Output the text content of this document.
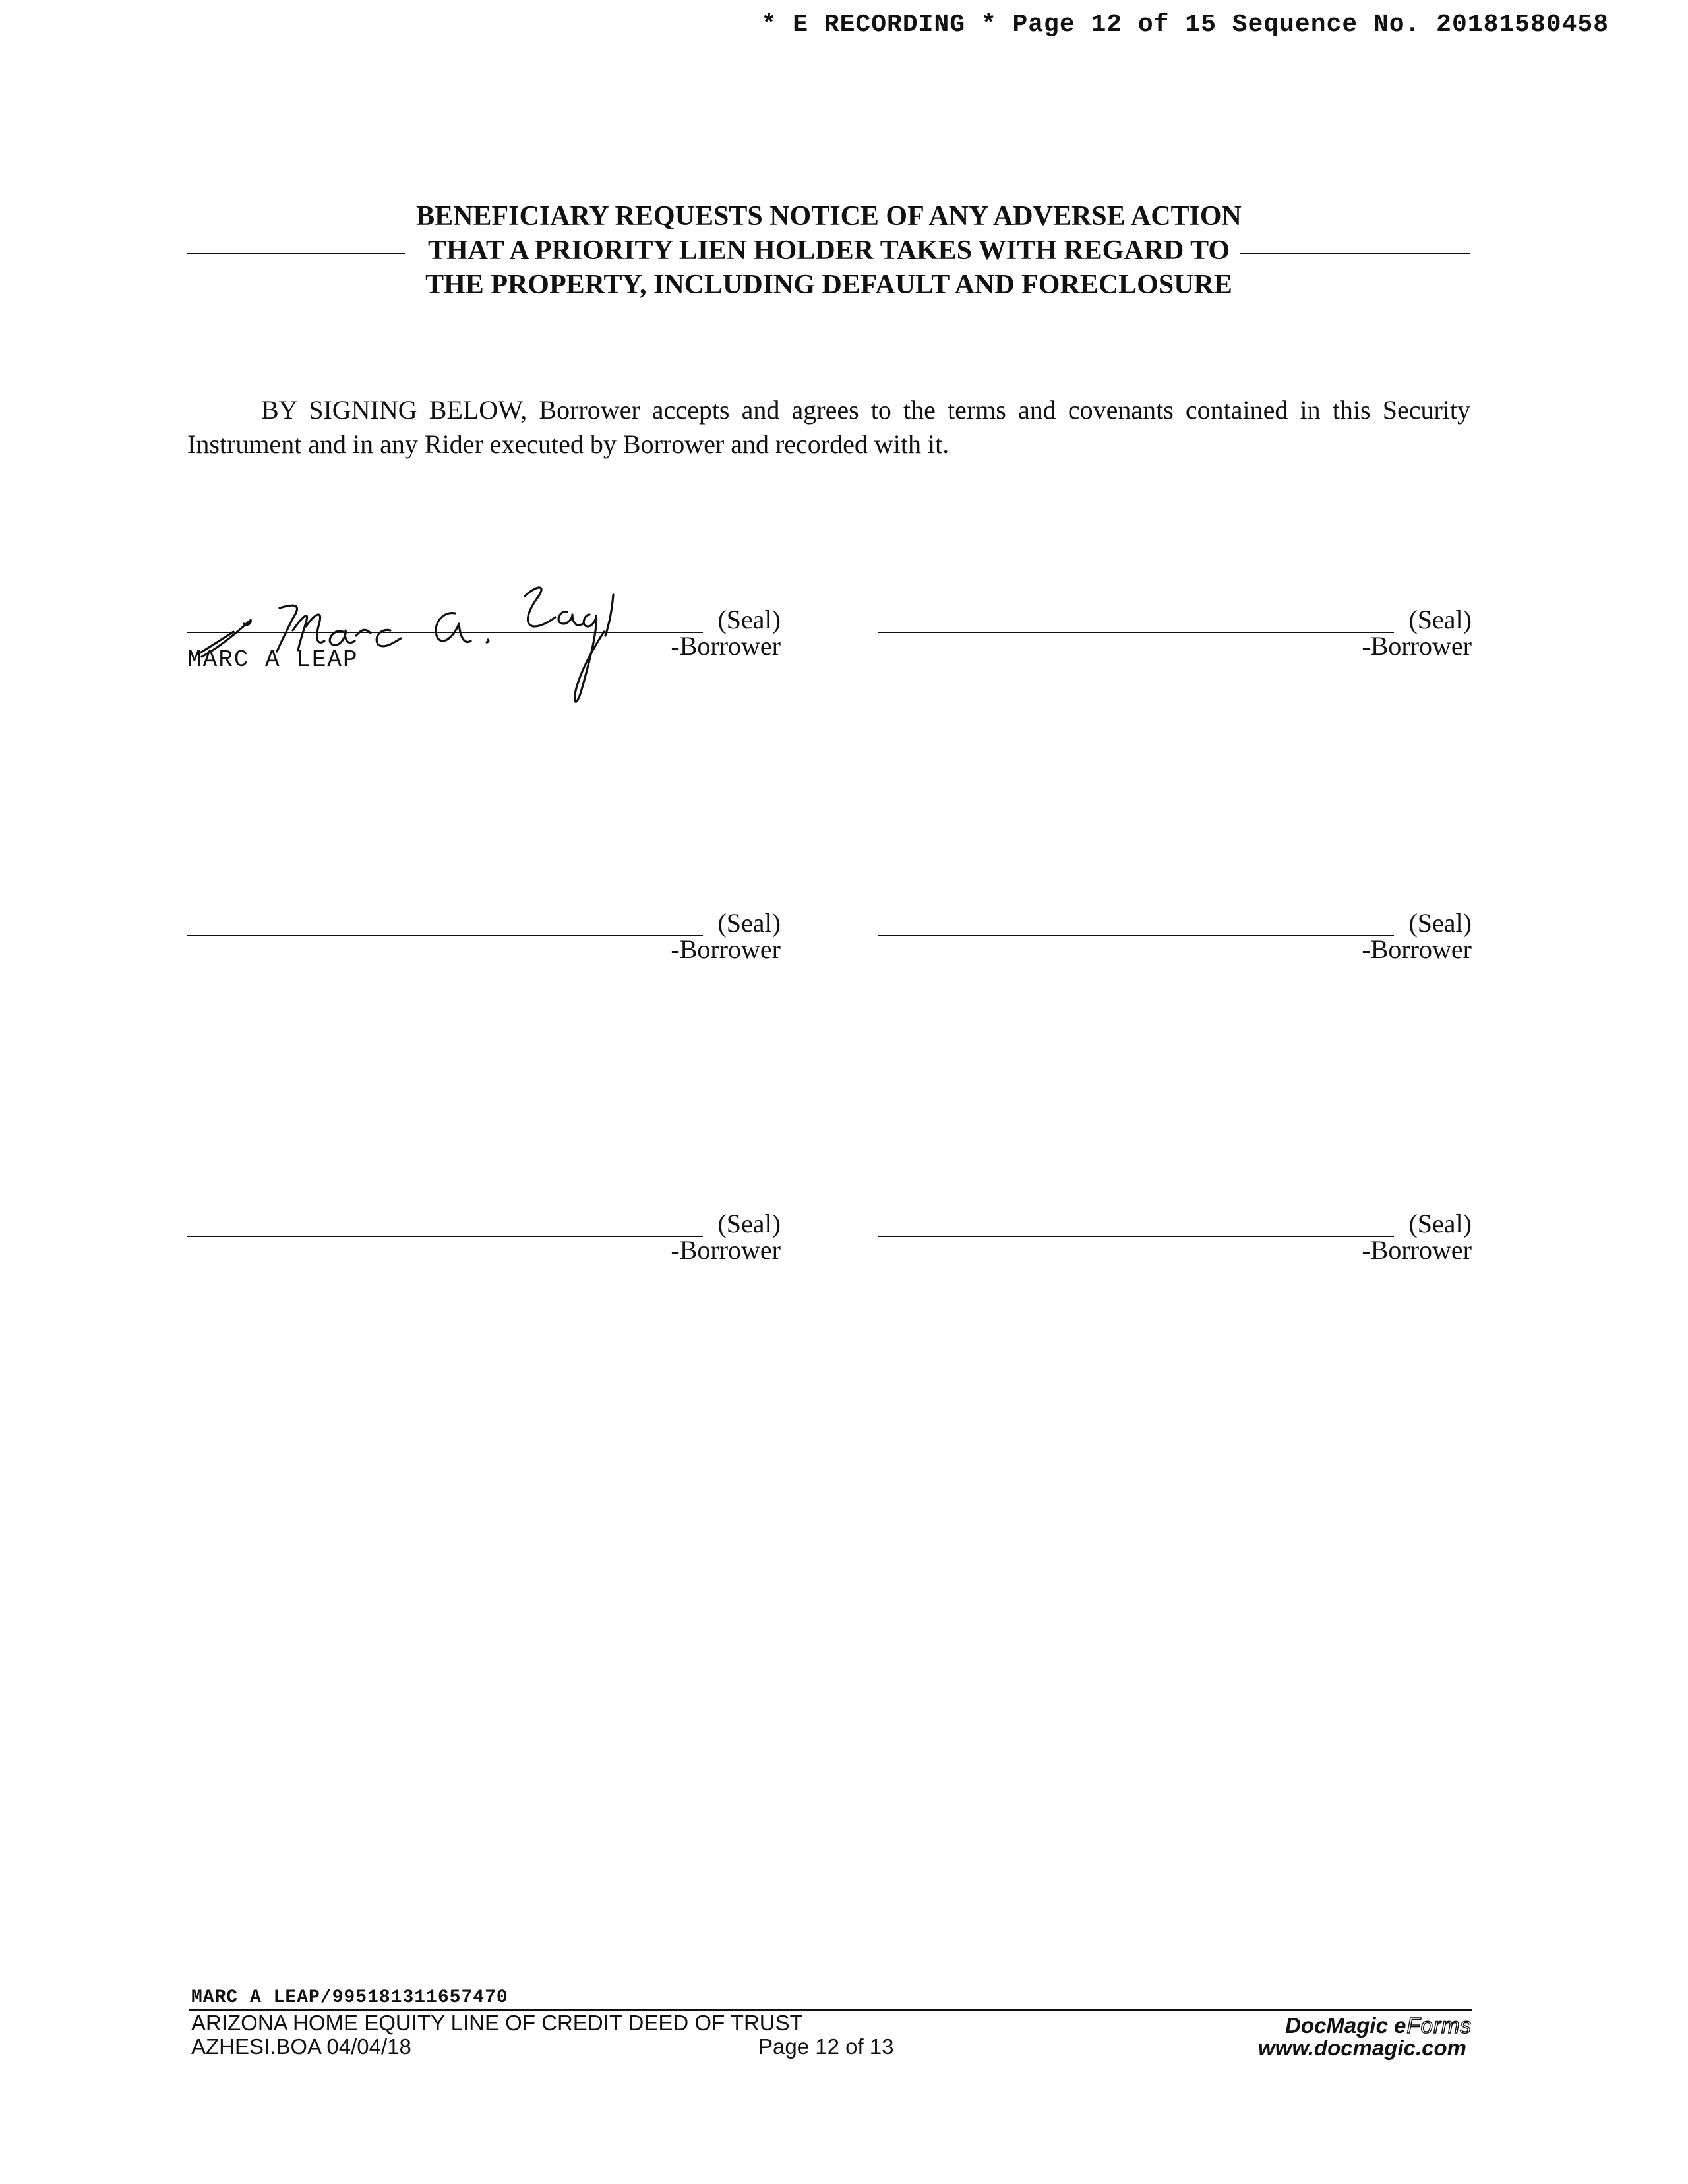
* E RECORDING * Page 12 of 15 Sequence No. 20181580458
BENEFICIARY REQUESTS NOTICE OF ANY ADVERSE ACTION
THAT A PRIORITY LIEN HOLDER TAKES WITH REGARD TO
THE PROPERTY, INCLUDING DEFAULT AND FORECLOSURE

BY SIGNING BELOW, Borrower accepts and agrees to the terms and covenants contained in this Security Instrument and in any Rider executed by Borrower and recorded with it.

(Seal)
-Borrower
MARC A LEAP
(Seal)
-Borrower
(Seal)
-Borrower
(Seal)
-Borrower
(Seal)
-Borrower
(Seal)
-Borrower
MARC A LEAP/995181311657470
ARIZONA HOME EQUITY LINE OF CREDIT DEED OF TRUST
AZHESI.BOA 04/04/18	Page 12 of 13
DocMagic eForms
www.docmagic.com
